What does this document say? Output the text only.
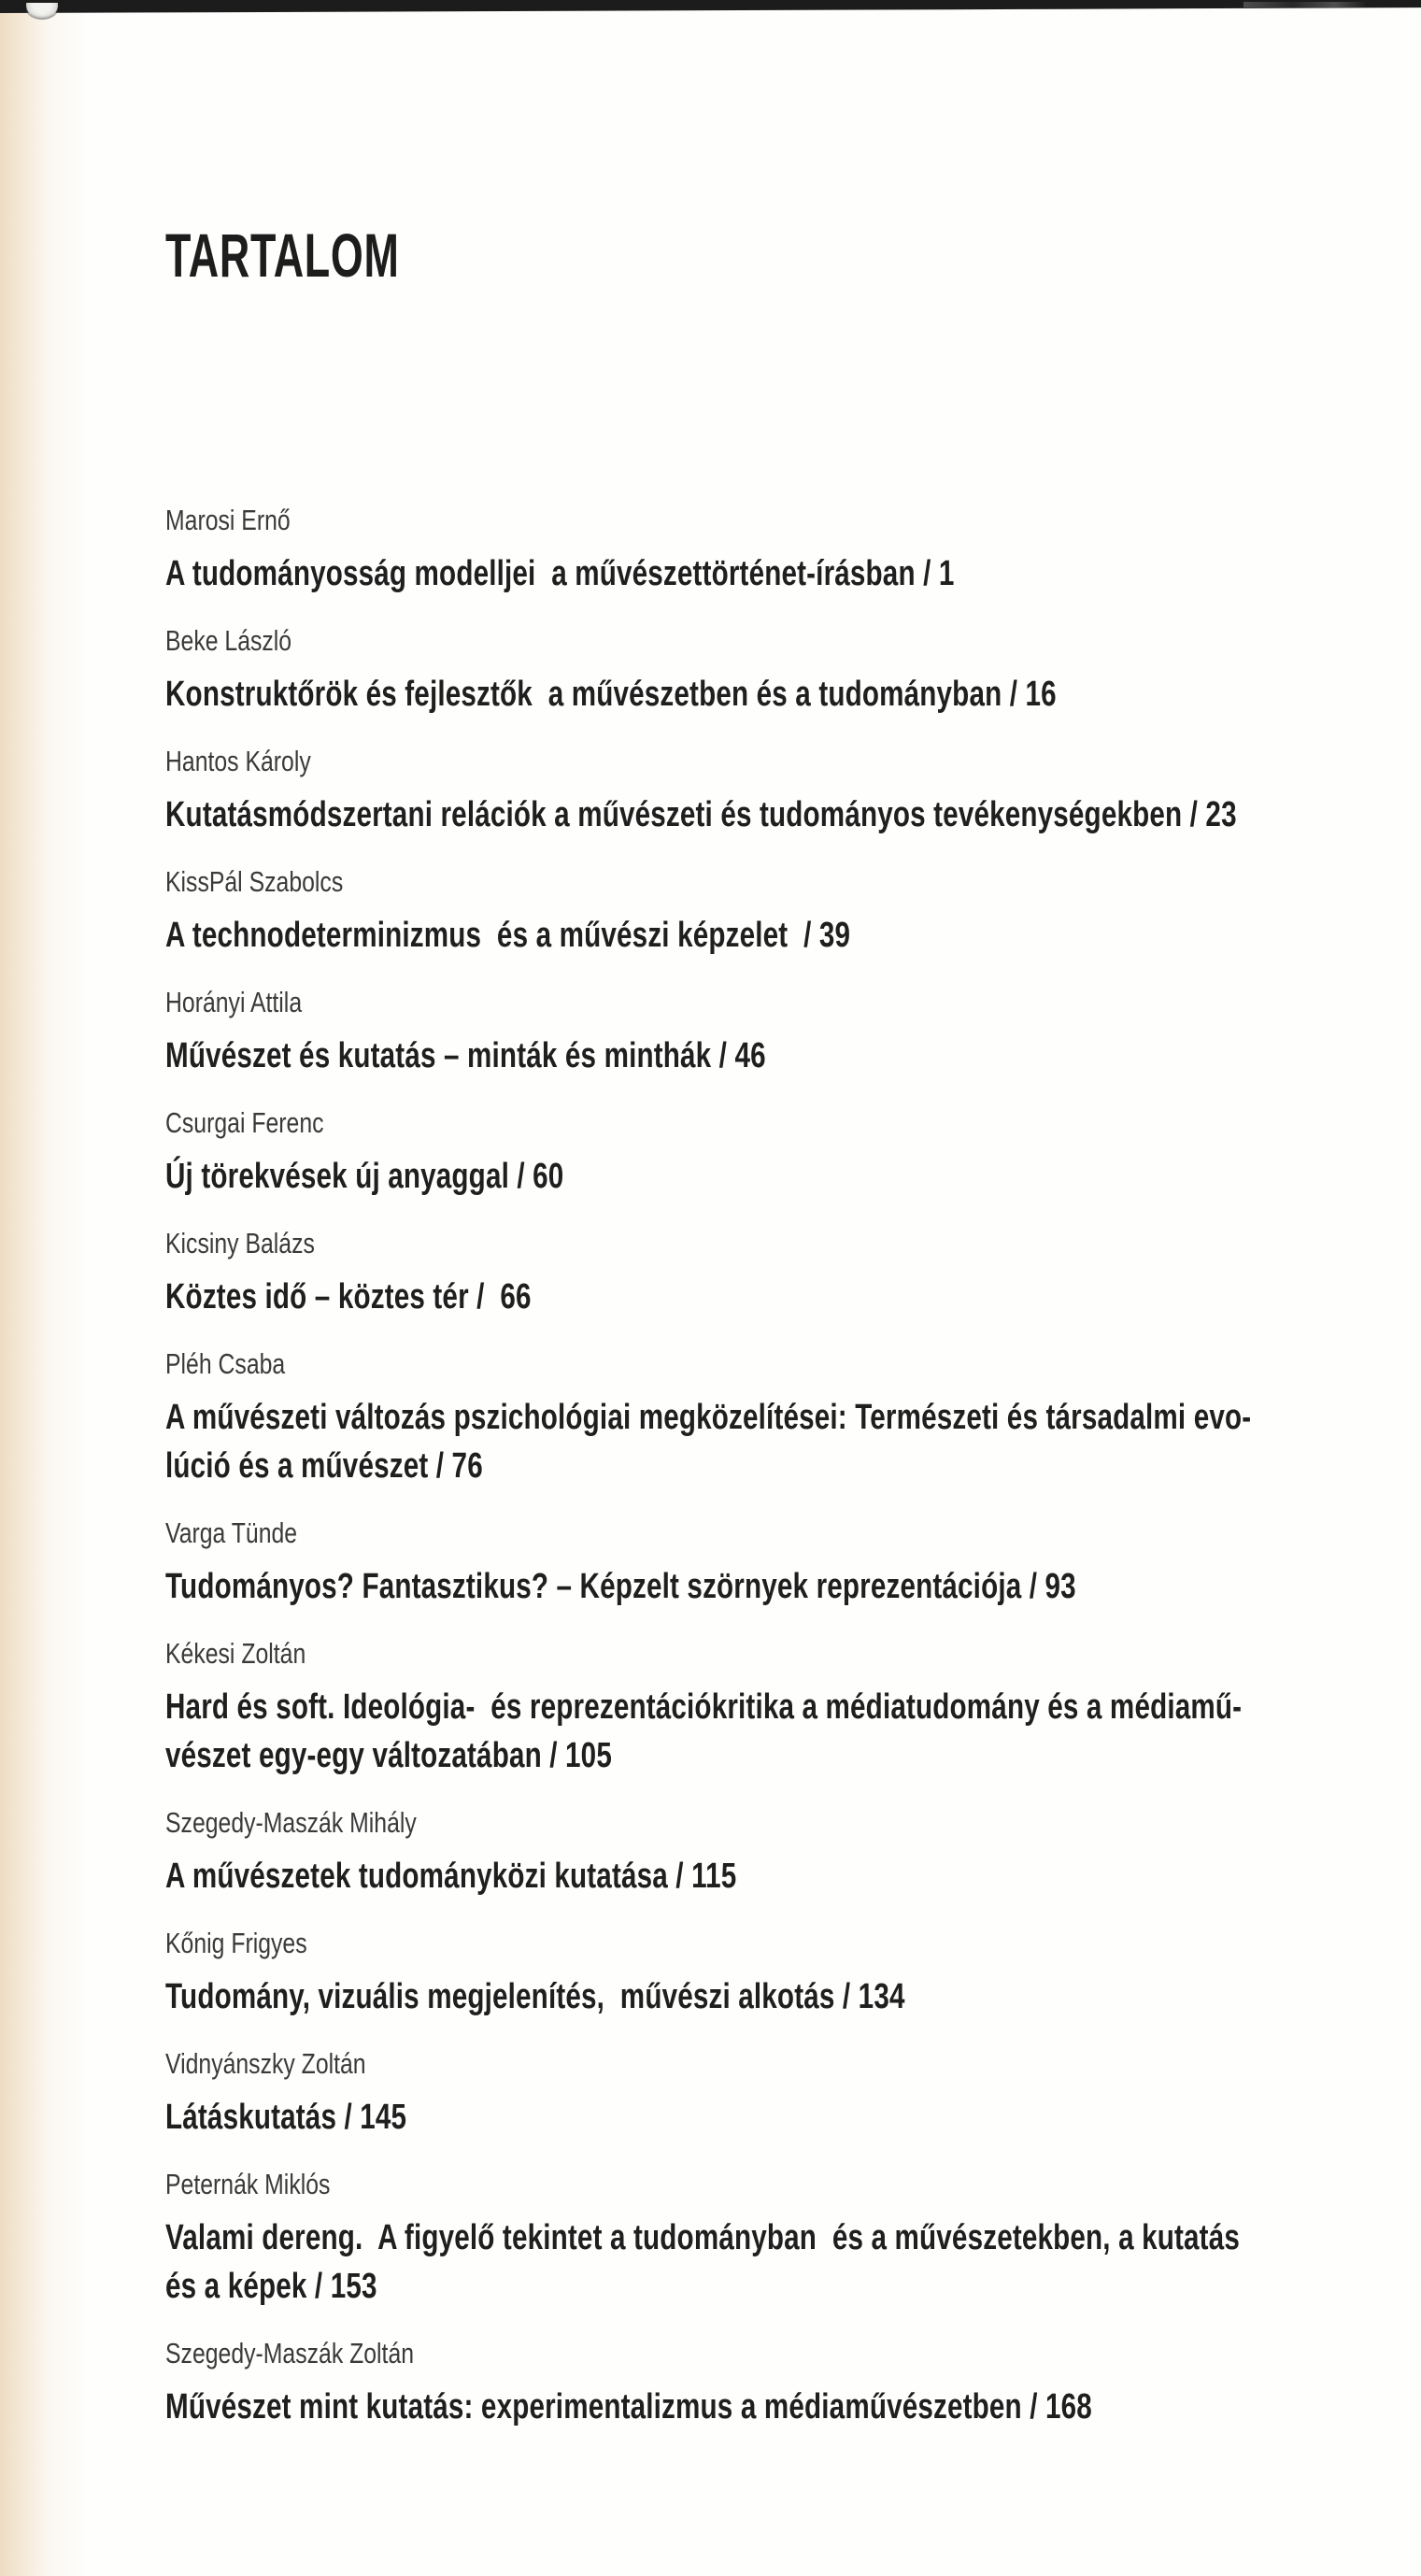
TARTALOM
Marosi Ernő
A tudományosság modelljei  a művészettörténet-írásban / 1
Beke László
Konstruktőrök és fejlesztők  a művészetben és a tudományban / 16
Hantos Károly
Kutatásmódszertani relációk a művészeti és tudományos tevékenységekben / 23
KissPál Szabolcs
A technodeterminizmus  és a művészi képzelet  / 39
Horányi Attila
Művészet és kutatás – minták és minthák / 46
Csurgai Ferenc
Új törekvések új anyaggal / 60
Kicsiny Balázs
Köztes idő – köztes tér /  66
Pléh Csaba
A művészeti változás pszichológiai megközelítései: Természeti és társadalmi evo-
lúció és a művészet / 76
Varga Tünde
Tudományos? Fantasztikus? – Képzelt szörnyek reprezentációja / 93
Kékesi Zoltán
Hard és soft. Ideológia-  és reprezentációkritika a médiatudomány és a médiamű-
vészet egy-egy változatában / 105
Szegedy-Maszák Mihály
A művészetek tudományközi kutatása / 115
Kőnig Frigyes
Tudomány, vizuális megjelenítés,  művészi alkotás / 134
Vidnyánszky Zoltán
Látáskutatás / 145
Peternák Miklós
Valami dereng.  A figyelő tekintet a tudományban  és a művészetekben, a kutatás
és a képek / 153
Szegedy-Maszák Zoltán
Művészet mint kutatás: experimentalizmus a médiaművészetben / 168
